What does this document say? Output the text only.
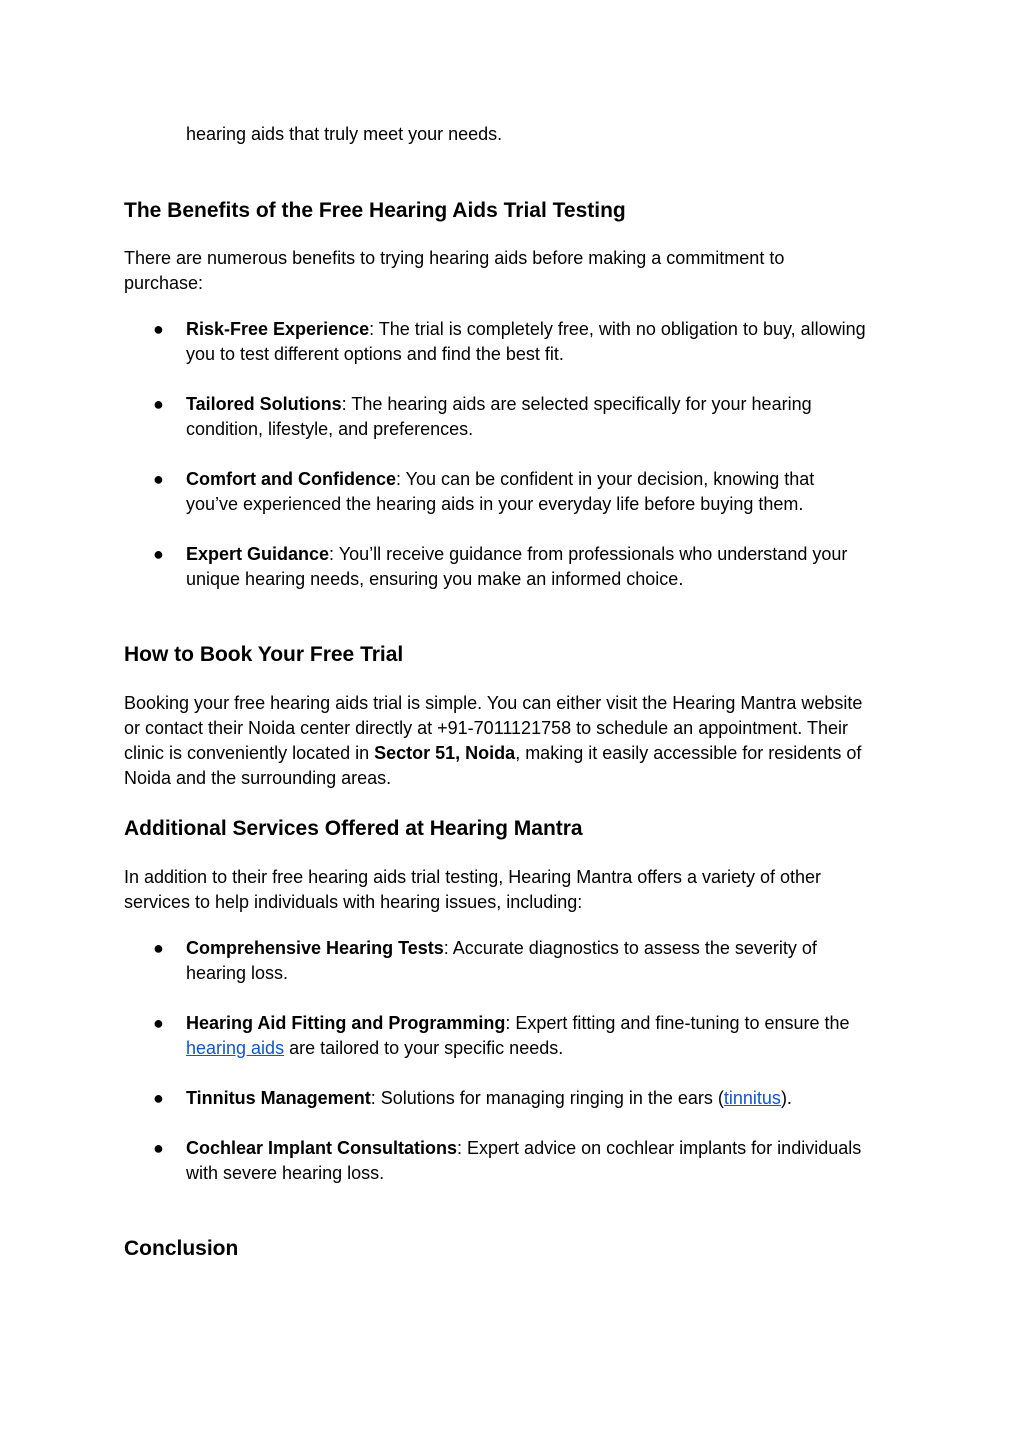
hearing aids that truly meet your needs.
The Benefits of the Free Hearing Aids Trial Testing
There are numerous benefits to trying hearing aids before making a commitment to
purchase:
● Risk-Free Experience: The trial is completely free, with no obligation to buy, allowing
you to test different options and find the best fit.
● Tailored Solutions: The hearing aids are selected specifically for your hearing
condition, lifestyle, and preferences.
● Comfort and Confidence: You can be confident in your decision, knowing that
you’ve experienced the hearing aids in your everyday life before buying them.
● Expert Guidance: You’ll receive guidance from professionals who understand your
unique hearing needs, ensuring you make an informed choice.
How to Book Your Free Trial
Booking your free hearing aids trial is simple. You can either visit the Hearing Mantra website
or contact their Noida center directly at +91-7011121758 to schedule an appointment. Their
clinic is conveniently located in Sector 51, Noida, making it easily accessible for residents of
Noida and the surrounding areas.
Additional Services Offered at Hearing Mantra
In addition to their free hearing aids trial testing, Hearing Mantra offers a variety of other
services to help individuals with hearing issues, including:
● Comprehensive Hearing Tests: Accurate diagnostics to assess the severity of
hearing loss.
● Hearing Aid Fitting and Programming: Expert fitting and fine-tuning to ensure the
hearing aids are tailored to your specific needs.
● Tinnitus Management: Solutions for managing ringing in the ears (tinnitus).
● Cochlear Implant Consultations: Expert advice on cochlear implants for individuals
with severe hearing loss.
Conclusion
